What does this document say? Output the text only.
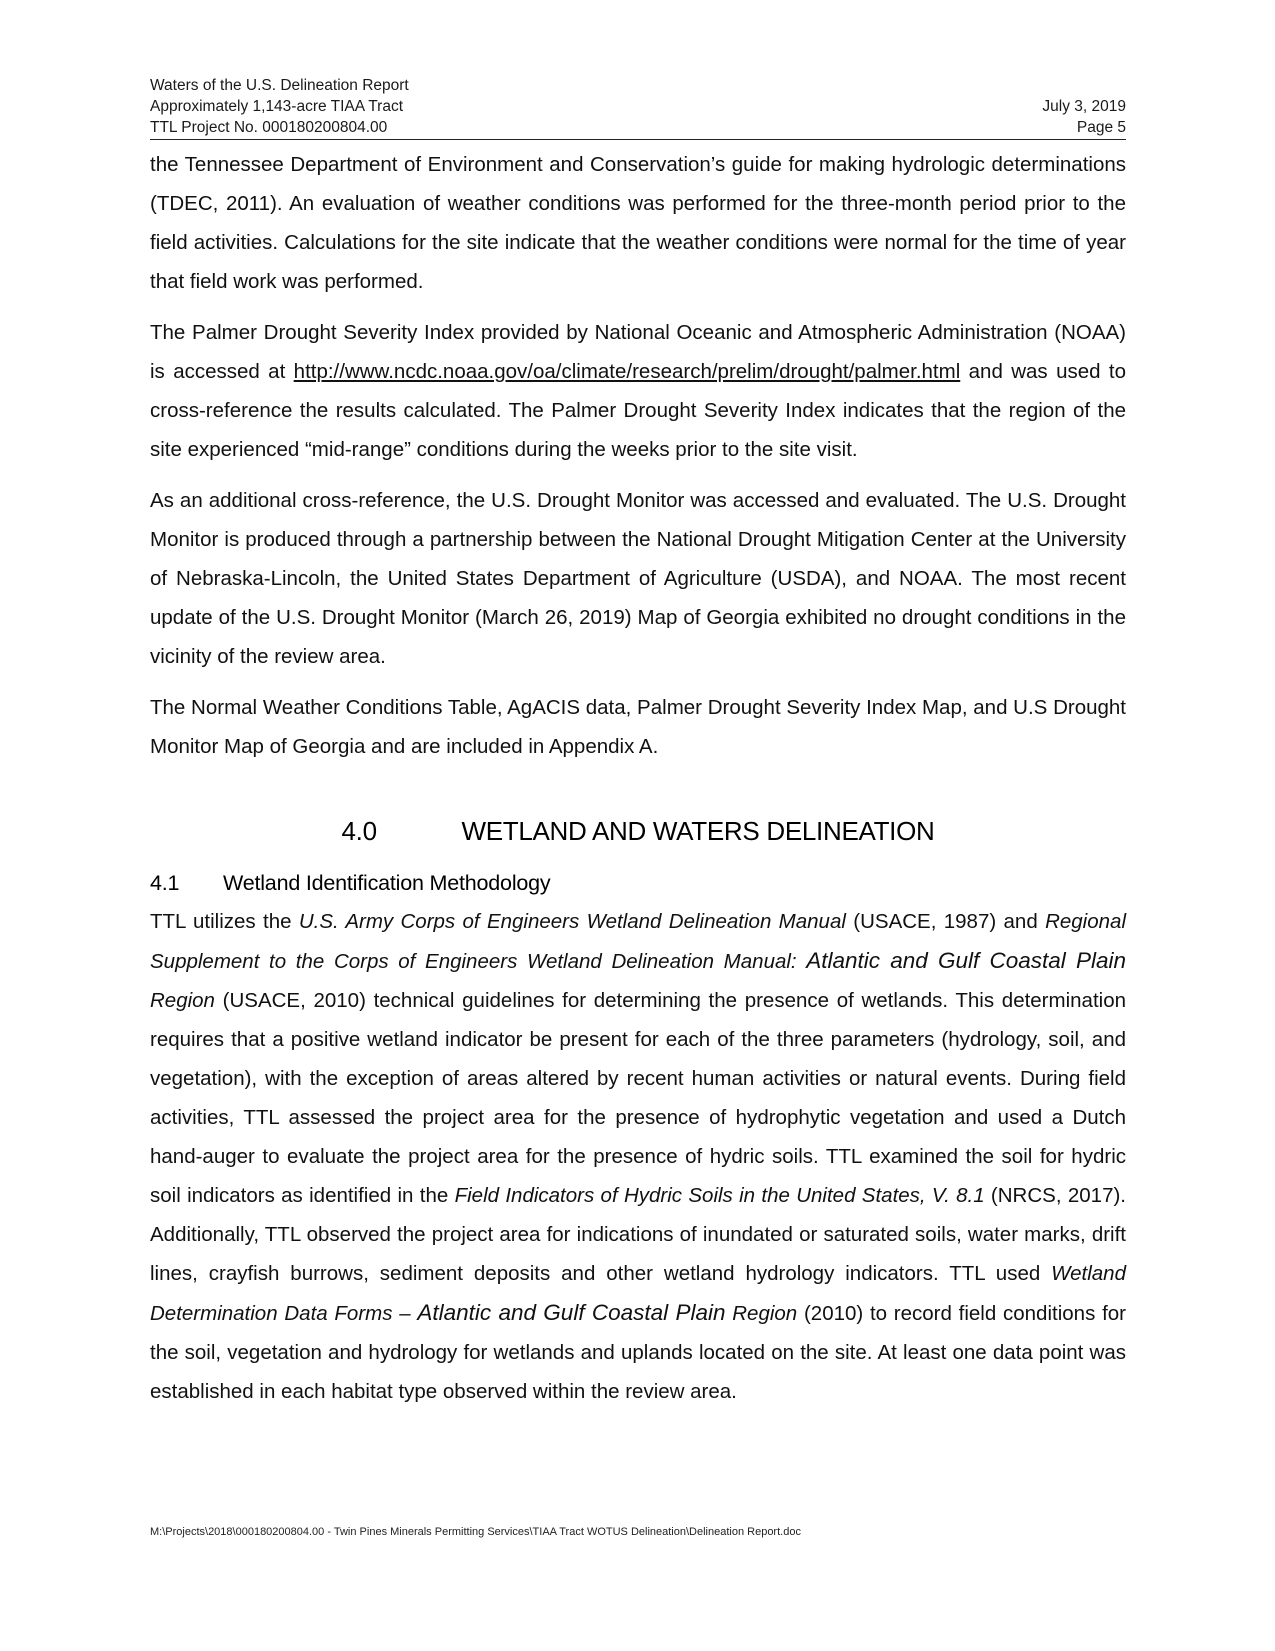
Waters of the U.S. Delineation Report
Approximately 1,143-acre TIAA Tract	July 3, 2019
TTL Project No. 000180200804.00	Page 5

the Tennessee Department of Environment and Conservation’s guide for making hydrologic determinations (TDEC, 2011). An evaluation of weather conditions was performed for the three-month period prior to the field activities. Calculations for the site indicate that the weather conditions were normal for the time of year that field work was performed.

The Palmer Drought Severity Index provided by National Oceanic and Atmospheric Administration (NOAA) is accessed at http://www.ncdc.noaa.gov/oa/climate/research/prelim/drought/palmer.html and was used to cross-reference the results calculated. The Palmer Drought Severity Index indicates that the region of the site experienced “mid-range” conditions during the weeks prior to the site visit.

As an additional cross-reference, the U.S. Drought Monitor was accessed and evaluated. The U.S. Drought Monitor is produced through a partnership between the National Drought Mitigation Center at the University of Nebraska-Lincoln, the United States Department of Agriculture (USDA), and NOAA. The most recent update of the U.S. Drought Monitor (March 26, 2019) Map of Georgia exhibited no drought conditions in the vicinity of the review area.

The Normal Weather Conditions Table, AgACIS data, Palmer Drought Severity Index Map, and U.S Drought Monitor Map of Georgia and are included in Appendix A.

4.0	WETLAND AND WATERS DELINEATION
4.1 Wetland Identification Methodology

TTL utilizes the U.S. Army Corps of Engineers Wetland Delineation Manual (USACE, 1987) and Regional Supplement to the Corps of Engineers Wetland Delineation Manual: Atlantic and Gulf Coastal Plain Region (USACE, 2010) technical guidelines for determining the presence of wetlands. This determination requires that a positive wetland indicator be present for each of the three parameters (hydrology, soil, and vegetation), with the exception of areas altered by recent human activities or natural events. During field activities, TTL assessed the project area for the presence of hydrophytic vegetation and used a Dutch hand-auger to evaluate the project area for the presence of hydric soils. TTL examined the soil for hydric soil indicators as identified in the Field Indicators of Hydric Soils in the United States, V. 8.1 (NRCS, 2017). Additionally, TTL observed the project area for indications of inundated or saturated soils, water marks, drift lines, crayfish burrows, sediment deposits and other wetland hydrology indicators. TTL used Wetland Determination Data Forms – Atlantic and Gulf Coastal Plain Region (2010) to record field conditions for the soil, vegetation and hydrology for wetlands and uplands located on the site. At least one data point was established in each habitat type observed within the review area.

M:\Projects\2018\000180200804.00 - Twin Pines Minerals Permitting Services\TIAA Tract WOTUS Delineation\Delineation Report.doc
